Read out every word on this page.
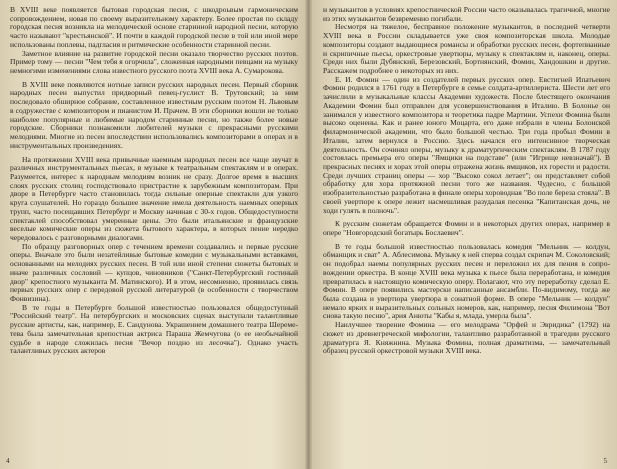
В XVIII веке появляется бытовая городская песня, с шкодроьвым гармоническим сопровождением, новая по своему выразительному характеру. Более простая по складу городская песня возникла на мелодической основе старинной народной песни, которую часто называют "крестьянской". И почти в каждой городской песне в той или иной мере использованы поплевы, падгласия и ритмические особенности старинной песни.

Заметное влияние на развитие городской песни оказало творчество русских поэтов. Пример тому — песни "Чем тебя я огорчила", сложенная народными певцами на музыку немногими изменениями слова известного русского поэта XVIII века А. Сумарокова.

В XVIII веке появляются нотные записи русских народных песен. Первый сборник народных песен выпустил придворный певец-гуслист В. Трутовский; за ним последовало обширное собрание, составленное известным русским поэтом Н. Львовым в содружестве с композитором и пианистом И. Прачем. В эти сборники вошли не только наиболее популярные и любимые народом старинные песни, но также более новые городские. Сборники познакомили любителей музыки с прекрасными русскими мелодиями. Многие из песен впоследствии использовались композиторами в операх и в инструментальных произведениях.

На протяжении XVIII века привычные наемным народных песен все чаще звучат в различных инструментальных пьесах, в музыке к театральным спектаклям и в операх. Разумеется, интерес к народным мелодиям возник не сразу. Долгое время в высших слоях русских столиц господствовало пристрастие к зарубежным композиторам. При дворе в Петербурге часто становилась тогда сильные оперные спектакли для узкого круга слушателей. Но гораздо большее значение имела деятельность наемных оперных трупп, часто посещавших Петербург и Москву начиная с 30-х годов. Общедоступности спектаклей способствовал умеренные цены. Это были итальянские и французские веселые комические оперы из сюжета бытового характера, в которых пение нередко чередовалось с разговорными диалогами.

По образцу разговорных опер с течением времени создавались и первые русские оперы. Вначале это были незатейливые бытовые комедии с музыкальными вставками, основанными на мелодиях русских песен. В той или иной степени сюжеты бытовых и иначе различных сословий — купцов, чиновников ("Санкт-Петербургский гостиный двор" крепостного музыканта М. Матинского). И в этом, несомненно, проявилась связь первых русских опер с передовой русской литературой (в особенности с творчеством Фонвизина).

В те годы в Петербурге большой известностью пользовался общедоступный "Российский театр". На петербургских и московских сценах выступали талантливые русские артисты, как, например, Е. Сандунова. Украшением домашнего театра Шереметева была замечательная крепостная актриса Параша Жемчугова (о ее необычайной судьбе в народе сложилась песня "Вечор поздно из лесочка"). Однако участь талантливых русских актеров

4

и музыкантов в условиях крепостнической России часто оказывалась трагичной, многие из этих музыкантов безвременно погибали.

Несмотря на тяжелое, бесправное положение музыкантов, в последней четверти XVIII века в России складывается уже своя композиторская школа. Молодые композиторы создают выдающиеся романсы и обработки русских песен, фортепианные и скрипичные пьесы, оркестровые увертюры, музыку к спектаклям и, наконец, оперы. Среди них были Дубянский, Березовский, Бортнянский, Фомин, Хандошкин и другие. Расскажем подробнее о некоторых из них.

Е. И. Фомин — один из создателей первых русских опер. Евстигней Ипатьевич Фомин родился в 1761 году в Петербурге в семье солдата-артиллериста. Шести лет его зачислили в музыкальные классы Академии художеств. После блестящего окончания Академии Фомин был отправлен для усовершенствования в Италию. В Болонье он занимался у известного композитора и теоретика падре Мартини. Успехи Фомина были высоко оценены. Как и ранее юного Моцарта, его даже избрали в члены Болонской филармонической академии, что было большой честью. Три года пробыл Фомин в Италии, затем вернулся в Россию. Здесь начался его интенсивное творческая деятельность. Он сочинял оперы, музыку к драматургическим спектаклям. В 1787 году состоялась премьера его оперы "Ямщики на подставе" (или "Игрище невзначай"). В прекрасных песнях и хорах этой оперы отражена жизнь ямщиков, их горести и радости. Среди лучших страниц оперы — хор "Высоко сокол летает"; он представляет собой обработку для хора протяжной песни того же названия. Чудесно, с большой изобразительностью разработана в финале оперы хороводная "Во поле береза стояла". В своей увертюре к опере лежит насмешливая разудалая песенка "Капитанская дочь, не ходи гулять в полночь".

К русским сюжетам обращается Фомин и в некоторых других операх, например в опере "Новгородский богатырь Бослаевич".

В те годы большой известностью пользовалась комедия "Мельник — колдун, обманщик и сват" А. Аблесимова. Музыку к ней сперва создал скрипач М. Соколовский; он подобрал наемы популярных русских песен и переложил их для пения в сопровождении оркестра. В конце XVIII века музыка к пьесе была переработана, и комедия превратилась в настоящую комическую оперу. Полагают, что эту переработку сделал Е. Фомин. В опере появились мастерски написанные ансамбли. По-видимому, тогда же была создана и увертюра увертюра в сонатной форме. В опере "Мельник — колдун" немало ярких и выразительных сольных номеров, как, например, песня Филимона "Вот снова такую песню", ария Анюты "Кабы я, млада, умерла была".

Наилучшее творение Фомина — его мелодрама "Орфей и Эвридика" (1792) на сюжет из древнегреческой мифологии, талантливо разработанной в трагедии русского драматурга Я. Княжнина. Музыка Фомина, полная драматизма, — замечательный образец русской оркестровой музыки XVIII века.

5
